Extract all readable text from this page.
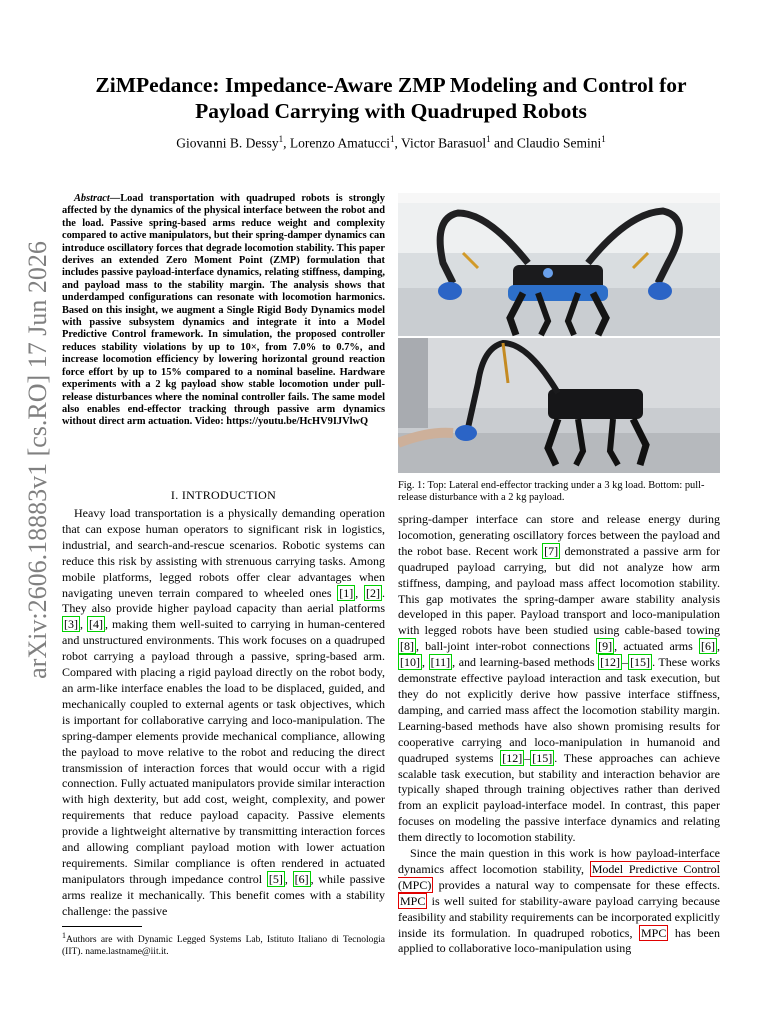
arXiv:2606.18883v1 [cs.RO] 17 Jun 2026
ZiMPedance: Impedance-Aware ZMP Modeling and Control for
Payload Carrying with Quadruped Robots
Giovanni B. Dessy$^1$, Lorenzo Amatucci$^1$, Victor Barasuol$^1$ and Claudio Semini$^1$
Abstract—Load transportation with quadruped robots is strongly affected by the dynamics of the physical interface between the robot and the load. Passive spring-based arms reduce weight and complexity compared to active manipulators, but their spring-damper dynamics can introduce oscillatory forces that degrade locomotion stability. This paper derives an extended Zero Moment Point (ZMP) formulation that includes passive payload-interface dynamics, relating stiffness, damping, and payload mass to the stability margin. The analysis shows that underdamped configurations can resonate with locomotion harmonics. Based on this insight, we augment a Single Rigid Body Dynamics model with passive subsystem dynamics and integrate it into a Model Predictive Control framework. In simulation, the proposed controller reduces stability violations by up to 10×, from 7.0% to 0.7%, and increase locomotion efficiency by lowering horizontal ground reaction force effort by up to 15% compared to a nominal baseline. Hardware experiments with a 2 kg payload show stable locomotion under pull-release disturbances where the nominal controller fails. The same model also enables end-effector tracking through passive arm dynamics without direct arm actuation. Video: https://youtu.be/HcHV9IJVlwQ
I. INTRODUCTION

Heavy load transportation is a physically demanding operation that can expose human operators to significant risk in logistics, industrial, and search-and-rescue scenarios. Robotic systems can reduce this risk by assisting with strenuous carrying tasks. Among mobile platforms, legged robots offer clear advantages when navigating uneven terrain compared to wheeled ones [1] , [2] . They also provide higher payload capacity than aerial platforms [3] , [4] , making them well-suited to carrying in human-centered and unstructured environments. This work focuses on a quadruped robot carrying a payload through a passive, spring-based arm. Compared with placing a rigid payload directly on the robot body, an arm-like interface enables the load to be displaced, guided, and mechanically coupled to external agents or task objectives, which is important for collaborative carrying and loco-manipulation. The spring-damper elements provide mechanical compliance, allowing the payload to move relative to the robot and reducing the direct transmission of interaction forces that would occur with a rigid connection. Fully actuated manipulators provide similar interaction with high dexterity, but add cost, weight, complexity, and power requirements that reduce payload capacity. Passive elements provide a lightweight alternative by transmitting interaction forces and allowing compliant payload motion with lower actuation requirements. Similar compliance is often rendered in actuated manipulators through impedance control [5] , [6] , while passive arms realize it mechanically. This benefit comes with a stability challenge: the passive

$^1$Authors are with Dynamic Legged Systems Lab, Istituto Italiano di Tecnologia (IIT). name.lastname@iit.it.
Fig. 1: Top: Lateral end-effector tracking under a 3 kg load. Bottom: pull-release disturbance with a 2 kg payload.

spring-damper interface can store and release energy during locomotion, generating oscillatory forces between the payload and the robot base. Recent work [7] demonstrated a passive arm for quadruped payload carrying, but did not analyze how arm stiffness, damping, and payload mass affect locomotion stability. This gap motivates the spring-damper aware stability analysis developed in this paper. Payload transport and loco-manipulation with legged robots have been studied using cable-based towing [8] , ball-joint inter-robot connections [9] , actuated arms [6] , [10] , [11] , and learning-based methods [12] – [15] . These works demonstrate effective payload interaction and task execution, but they do not explicitly derive how passive interface stiffness, damping, and carried mass affect the locomotion stability margin. Learning-based methods have also shown promising results for cooperative carrying and loco-manipulation in humanoid and quadruped systems [12] – [15] . These approaches can achieve scalable task execution, but stability and interaction behavior are typically shaped through training objectives rather than derived from an explicit payload-interface model. In contrast, this paper focuses on modeling the passive interface dynamics and relating them directly to locomotion stability.

Since the main question in this work is how payload-interface dynamics affect locomotion stability, Model Predictive Control (MPC) provides a natural way to compensate for these effects. MPC is well suited for stability-aware payload carrying because feasibility and stability requirements can be incorporated explicitly inside its formulation. In quadruped robotics, MPC has been applied to collaborative loco-manipulation using
